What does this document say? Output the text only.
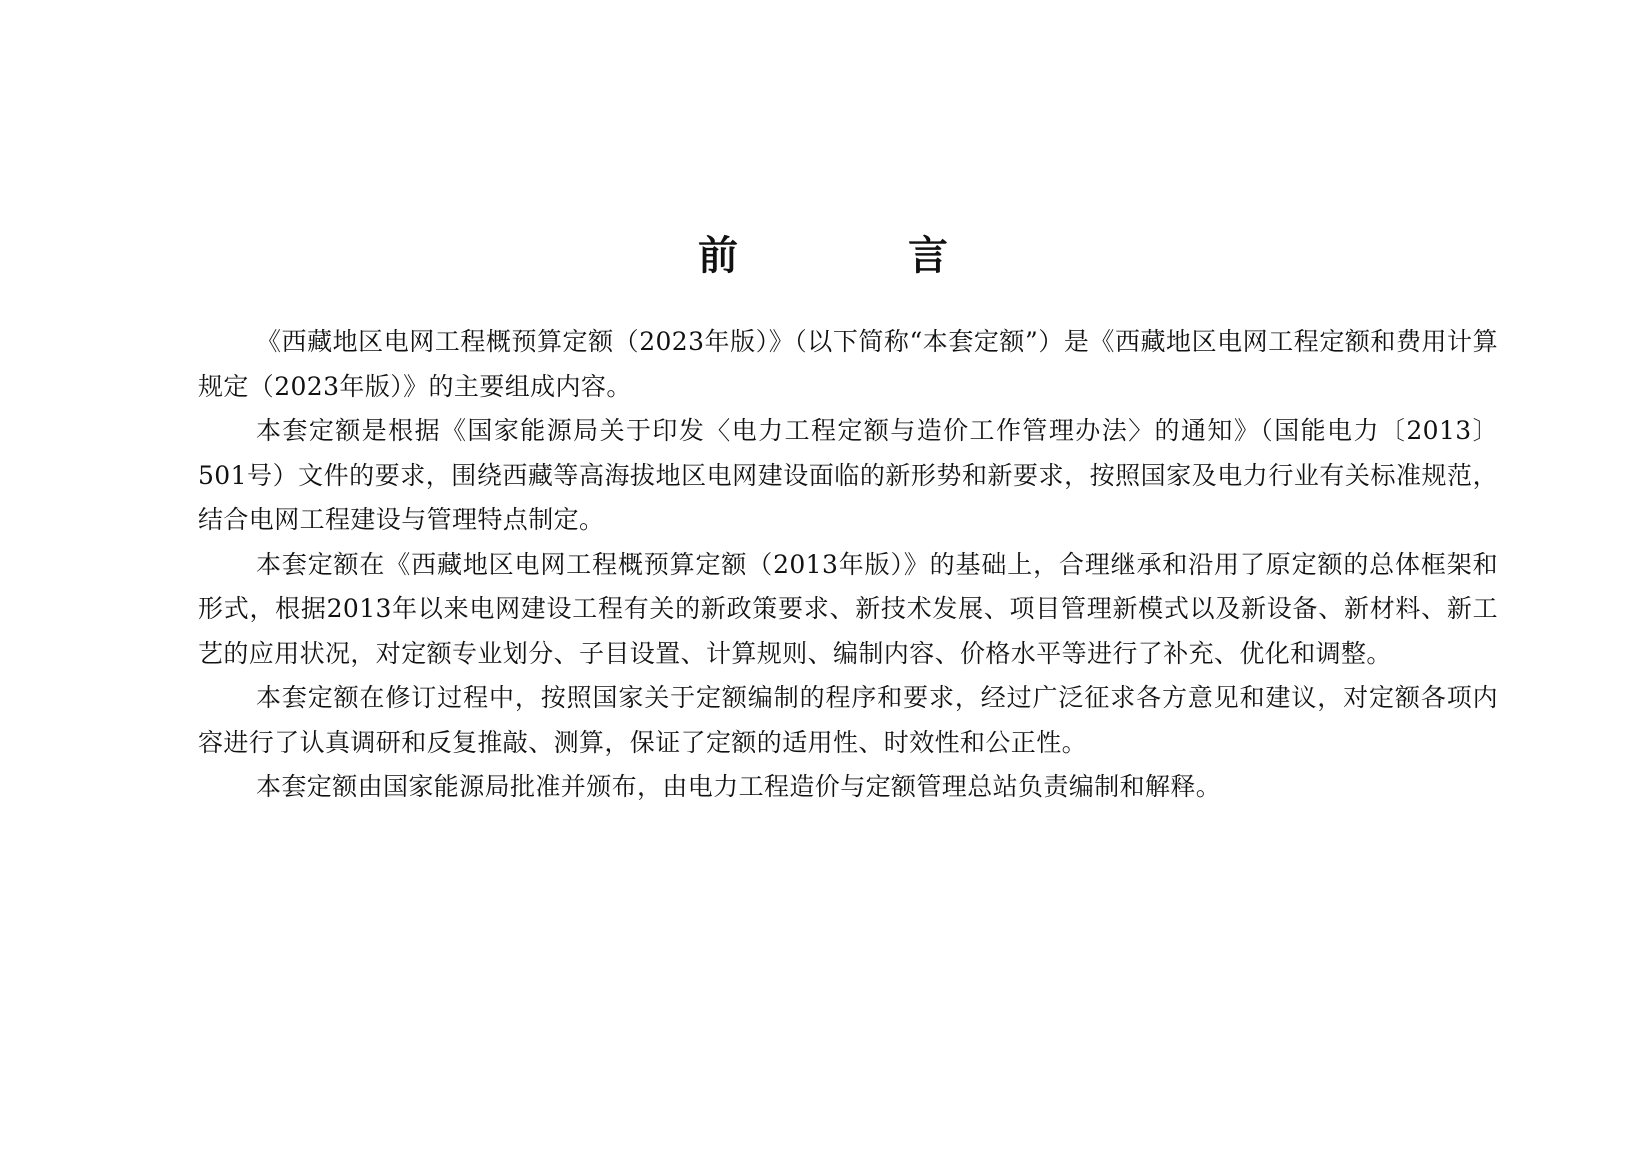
前 言

《西藏地区电网工程概预算定额（2023年版）》（以下简称“本套定额”）是《西藏地区电网工程定额和费用计算规定（2023年版）》的主要组成内容。

本套定额是根据《国家能源局关于印发〈电力工程定额与造价工作管理办法〉的通知》（国能电力〔2013〕501号）文件的要求，围绕西藏等高海拔地区电网建设面临的新形势和新要求，按照国家及电力行业有关标准规范，结合电网工程建设与管理特点制定。

本套定额在《西藏地区电网工程概预算定额（2013年版）》的基础上，合理继承和沿用了原定额的总体框架和形式，根据2013年以来电网建设工程有关的新政策要求、新技术发展、项目管理新模式以及新设备、新材料、新工艺的应用状况，对定额专业划分、子目设置、计算规则、编制内容、价格水平等进行了补充、优化和调整。

本套定额在修订过程中，按照国家关于定额编制的程序和要求，经过广泛征求各方意见和建议，对定额各项内容进行了认真调研和反复推敲、测算，保证了定额的适用性、时效性和公正性。

本套定额由国家能源局批准并颁布，由电力工程造价与定额管理总站负责编制和解释。
